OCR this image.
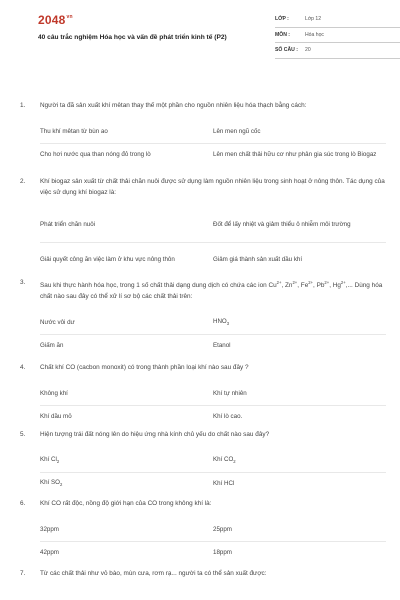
$2048^{vn}$
40 câu trắc nghiệm Hóa học và vấn đề phát triển kinh tế (P2)
LỚP :	Lớp 12
MÔN :	Hóa học
SỐ CÂU :	20
1.	Người ta đã sản xuất khí mêtan thay thế một phần cho nguồn nhiên liệu hóa thạch bằng cách:
Thu khí mêtan từ bùn ao	Lên men ngũ cốc
Cho hơi nước qua than nóng đỏ trong lò	Lên men chất thải hữu cơ như phân gia súc trong lò Biogaz
2.	Khí biogaz sản xuất từ chất thải chăn nuôi được sử dụng làm nguồn nhiên liệu trong sinh hoạt ở nông thôn. Tác dụng của việc sử dụng khí biogaz là:
Phát triển chăn nuôi	Đốt để lấy nhiệt và giảm thiểu ô nhiễm môi trường
Giải quyết công ăn việc làm ở khu vực nông thôn	Giảm giá thành sản xuất dầu khí
3.	Sau khi thực hành hóa học, trong 1 số chất thải dạng dung dịch có chứa các ion $Cu^{2+}$, $Zn^{2+}$, $Fe^{2+}$, $Pb^{2+}$, $Hg^{2+}$,... Dùng hóa chất nào sau đây có thể xử lí sơ bộ các chất thải trên:
Nước vôi dư	$HNO_3$
Giấm ăn	Etanol
4.	Chất khí CO (cacbon monoxit) có trong thành phần loại khí nào sau đây ?
Không khí	Khí tự nhiên
Khí dầu mỏ	Khí lò cao.
5.	Hiện tượng trái đất nóng lên do hiệu ứng nhà kính chủ yếu do chất nào sau đây?
Khí $Cl_2$	Khí $CO_2$
Khí $SO_2$	Khí HCl
6.	Khí CO rất độc, nồng độ giới hạn của CO trong không khí là:
32ppm	25ppm
42ppm	18ppm
7.	Từ các chất thải như vỏ bào, mùn cưa, rơm rạ... người ta có thể sản xuất được:
